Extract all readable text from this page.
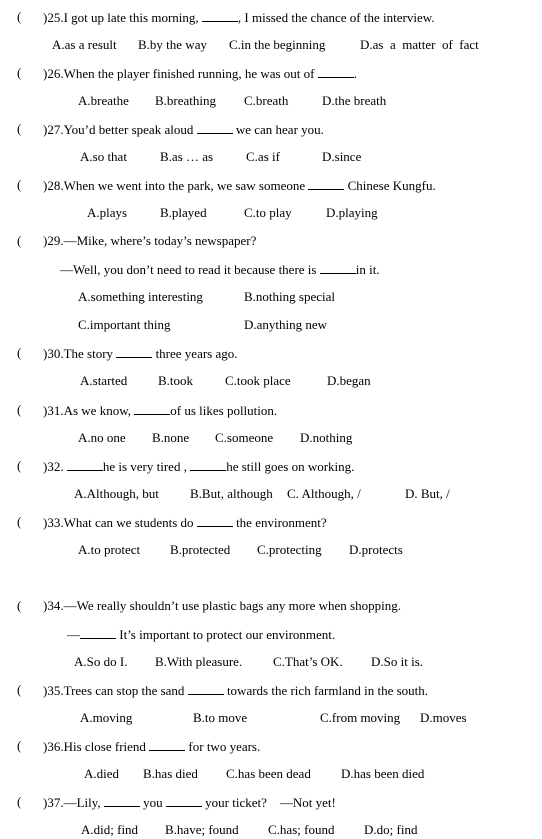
( )25.I got up late this morning,	, I missed the chance of the interview.
A.as a result B.by the way C.in the beginning	D.as  a  matter  of  fact
( )26.When the player finished running, he was out of	.
A.breathe B.breathing C.breath	D.the breath
( )27.You’d better speak aloud	we can hear you.
A.so that	B.as … as	C.as if	D.since
( )28.When we went into the park, we saw someone	Chinese Kungfu.
A.plays	B.played	C.to play	D.playing
( )29.—Mike, where’s today’s newspaper?
—Well, you don’t need to read it because there is	in it.
A.something interesting	B.nothing special
C.important thing	D.anything new
( )30.The story	three years ago.
A.started B.took C.took place	D.began
( )31.As we know,	of us likes pollution.
A.no one B.none C.someone D.nothing
( )32.	he is very tired ,	he still goes on working.
A.Although, but B.But, although C. Although, /	D. But, /
( )33.What can we students do	the environment?
A.to protect B.protected C.protecting D.protects
( )34.—We really shouldn’t use plastic bags any more when shopping.
—	It’s important to protect our environment.
A.So do I. B.With pleasure. C.That’s OK. D.So it is.
( )35.Trees can stop the sand	towards the rich farmland in the south.
A.moving	B.to move	C.from moving D.moves
( )36.His close friend	for two years.
A.died B.has died C.has been dead D.has been died
( )37.—Lily,	you	your ticket?    —Not yet!
A.did; find B.have; found C.has; found D.do; find
